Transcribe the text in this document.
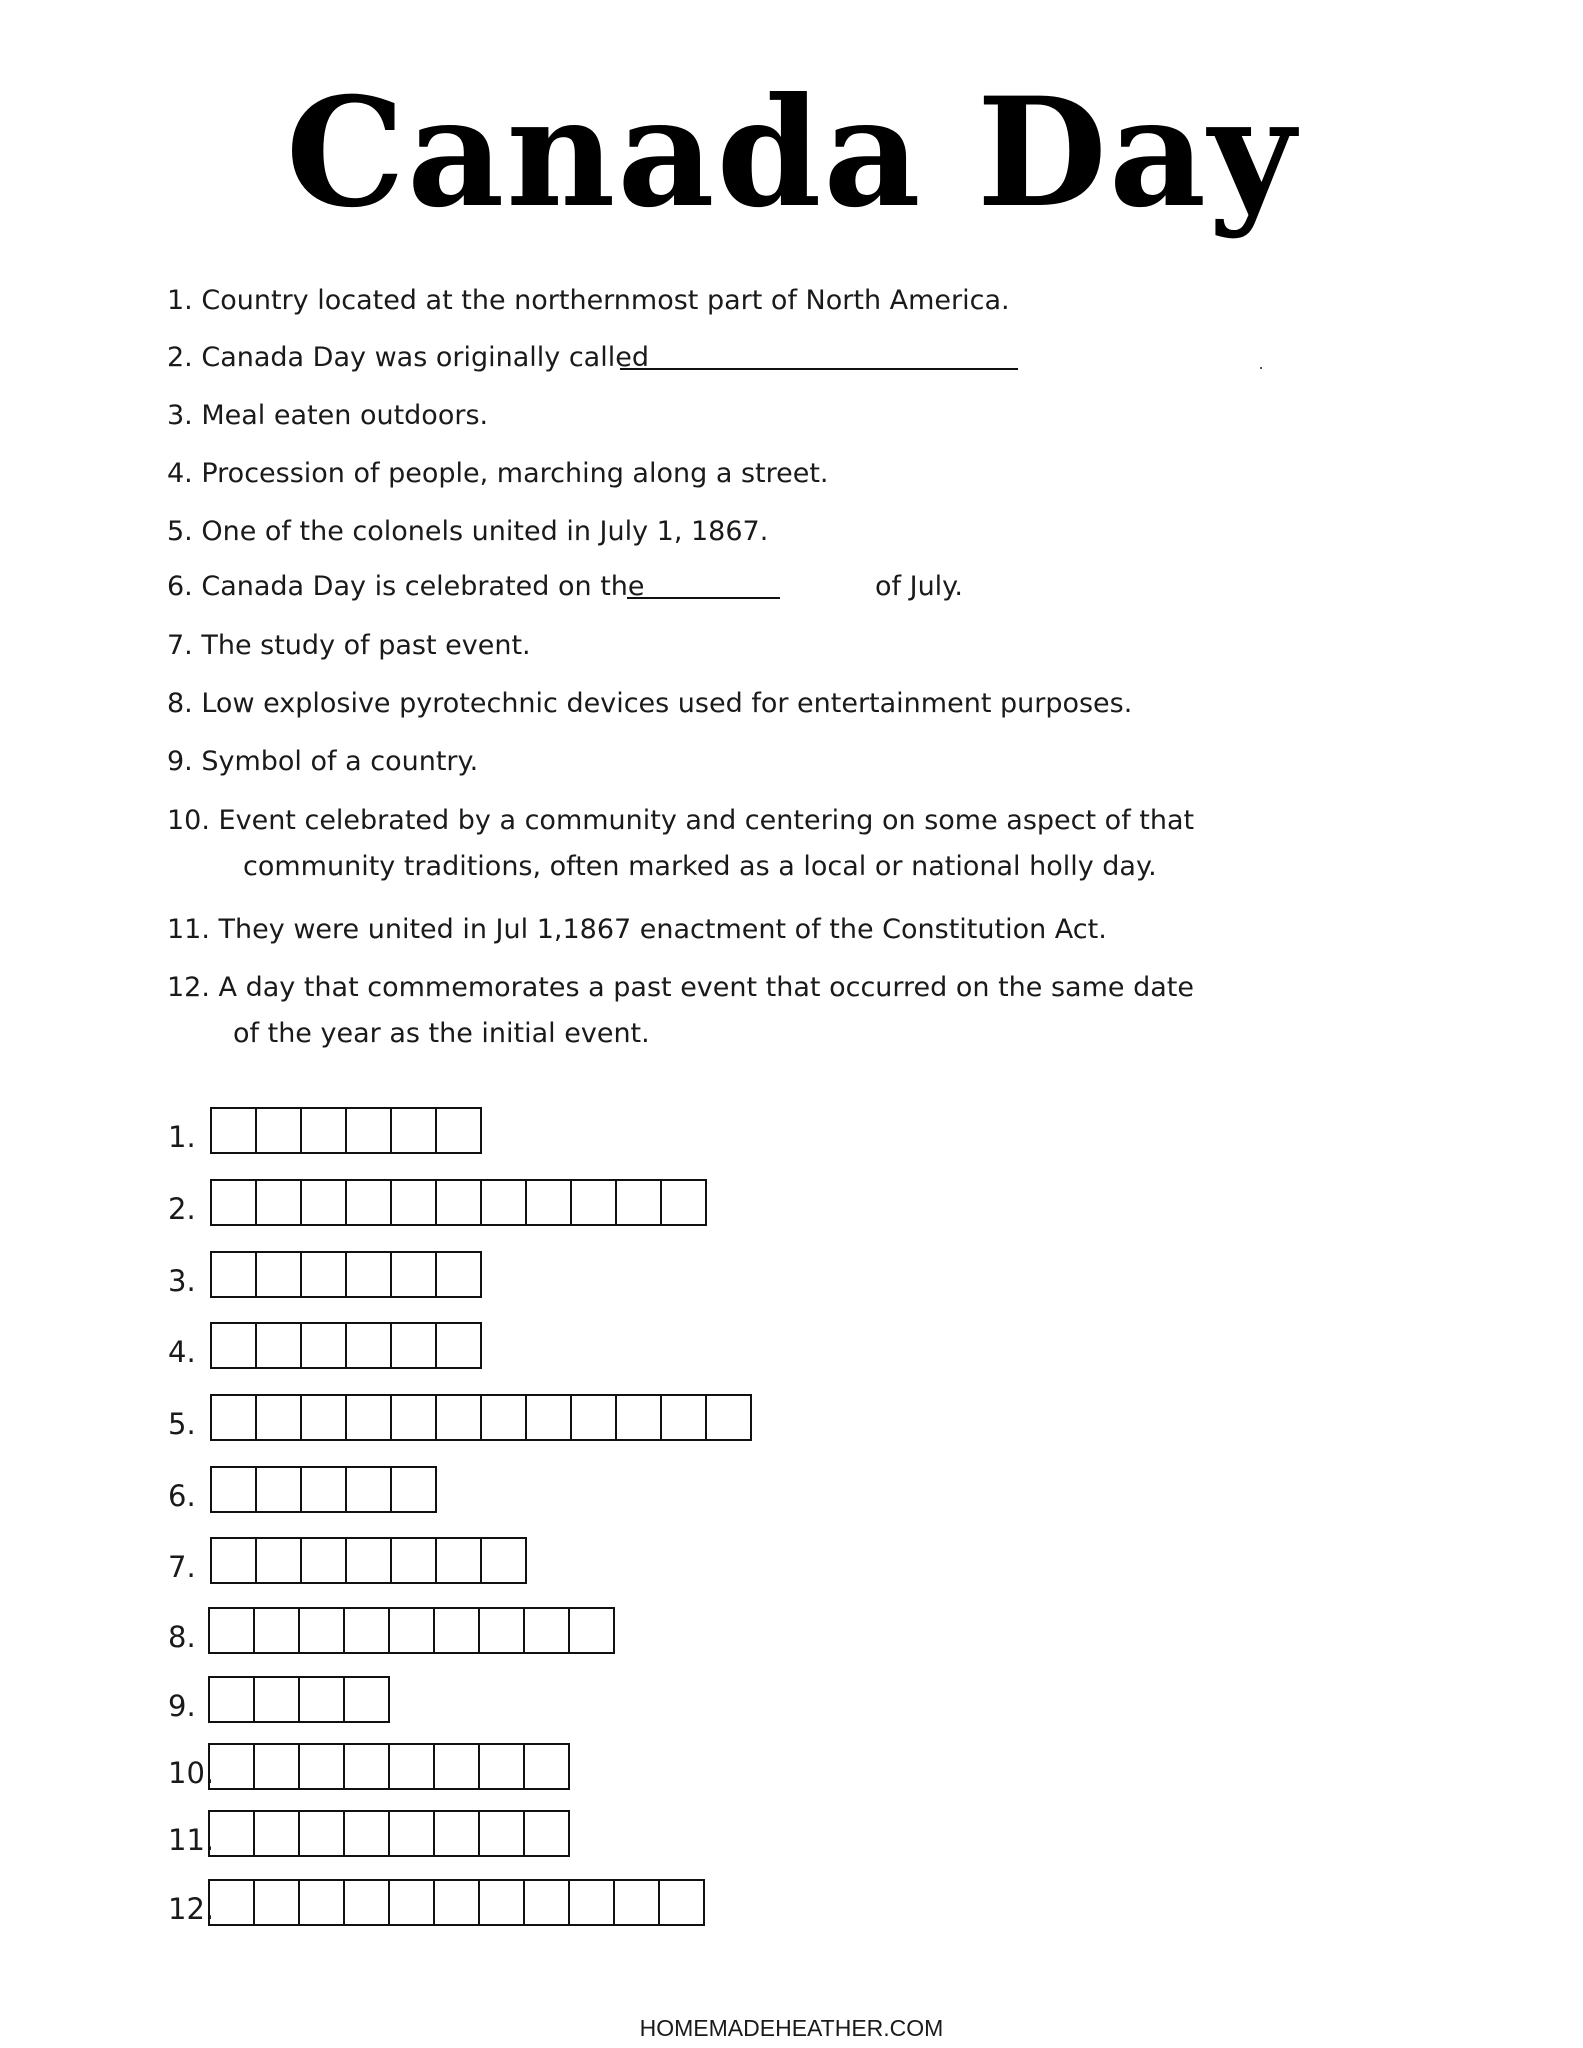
Canada Day
1. Country located at the northernmost part of North America.
2. Canada Day was originally called
3. Meal eaten outdoors.
4. Procession of people, marching along a street.
5. One of the colonels united in July 1, 1867.
6. Canada Day is celebrated on the	of July.
7. The study of past event.
8. Low explosive pyrotechnic devices used for entertainment purposes.
9. Symbol of a country.
10. Event celebrated by a community and centering on some aspect of that
community traditions, often marked as a local or national holly day.
11. They were united in Jul 1,1867 enactment of the Constitution Act.
12. A day that commemorates a past event that occurred on the same date
of the year as the initial event.
1.
2.
3.
4.
5.
6.
7.
8.
9.
10.
11.
12.
HOMEMADEHEATHER.COM
